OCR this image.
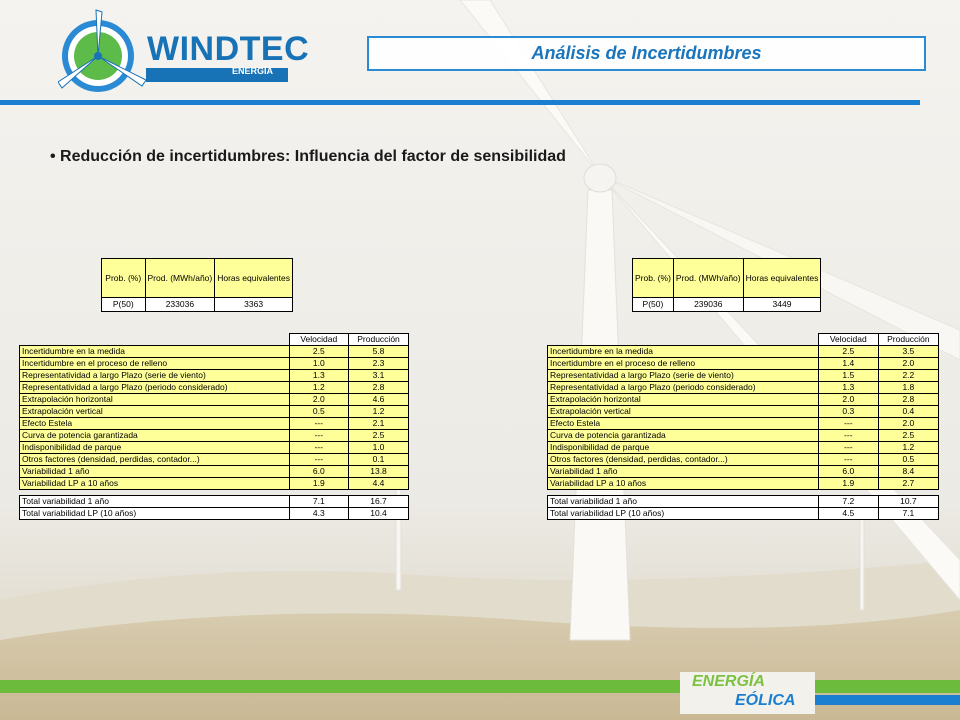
WINDTEC
ENERGÍA
Análisis de Incertidumbres
• Reducción de incertidumbres: Influencia del factor de sensibilidad
Prob. (%)	Prod. (MWh/año)	Horas equivalentes
P(50)	233036	3363
Prob. (%)	Prod. (MWh/año)	Horas equivalentes
P(50)	239036	3449
	Velocidad	Producción
Incertidumbre en la medida	2.5	5.8
Incertidumbre en el proceso de relleno	1.0	2.3
Representatividad a largo Plazo (serie de viento)	1.3	3.1
Representatividad a largo Plazo (periodo considerado)	1.2	2.8
Extrapolación horizontal	2.0	4.6
Extrapolación vertical	0.5	1.2
Efecto Estela	---	2.1
Curva de potencia garantizada	---	2.5
Indisponibilidad de parque	---	1.0
Otros factores (densidad, perdidas, contador...)	---	0.1
Variabilidad 1 año	6.0	13.8
Variabilidad LP a 10 años	1.9	4.4

Total variabilidad 1 año	7.1	16.7
Total variabilidad LP (10 años)	4.3	10.4
	Velocidad	Producción
Incertidumbre en la medida	2.5	3.5
Incertidumbre en el proceso de relleno	1.4	2.0
Representatividad a largo Plazo (serie de viento)	1.5	2.2
Representatividad a largo Plazo (periodo considerado)	1.3	1.8
Extrapolación horizontal	2.0	2.8
Extrapolación vertical	0.3	0.4
Efecto Estela	---	2.0
Curva de potencia garantizada	---	2.5
Indisponibilidad de parque	---	1.2
Otros factores (densidad, perdidas, contador...)	---	0.5
Variabilidad 1 año	6.0	8.4
Variabilidad LP a 10 años	1.9	2.7

Total variabilidad 1 año	7.2	10.7
Total variabilidad LP (10 años)	4.5	7.1
ENERGÍA
EÓLICA
